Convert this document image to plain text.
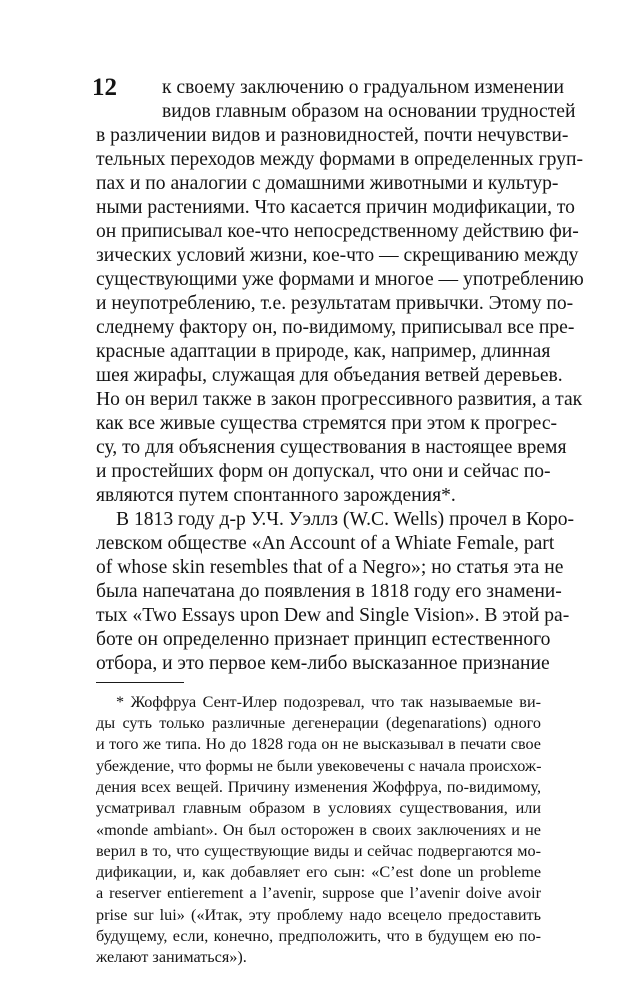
12 к своему заключению о градуальном изменении
видов главным образом на основании трудностей
в различении видов и разновидностей, почти нечувстви-
тельных переходов между формами в определенных груп-
пах и по аналогии с домашними животными и культур-
ными растениями. Что касается причин модификации, то
он приписывал кое-что непосредственному действию фи-
зических условий жизни, кое-что — скрещиванию между
существующими уже формами и многое — употреблению
и неупотреблению, т.е. результатам привычки. Этому по-
следнему фактору он, по-видимому, приписывал все пре-
красные адаптации в природе, как, например, длинная
шея жирафы, служащая для объедания ветвей деревьев.
Но он верил также в закон прогрессивного развития, а так
как все живые существа стремятся при этом к прогрес-
су, то для объяснения существования в настоящее время
и простейших форм он допускал, что они и сейчас по-
являются путем спонтанного зарождения*.
В 1813 году д-р У.Ч. Уэллз (W.C. Wells) прочел в Коро-
левском обществе «An Account of a Whiate Female, part
of whose skin resembles that of a Negro»; но статья эта не
была напечатана до появления в 1818 году его знамени-
тых «Two Essays upon Dew and Single Vision». В этой ра-
боте он определенно признает принцип естественного
отбора, и это первое кем-либо высказанное признание
* Жоффруа Сент-Илер подозревал, что так называемые ви-
ды суть только различные дегенерации (degenarations) одного
и того же типа. Но до 1828 года он не высказывал в печати свое
убеждение, что формы не были увековечены с начала происхож-
дения всех вещей. Причину изменения Жоффруа, по-видимому,
усматривал главным образом в условиях существования, или
«monde ambiant». Он был осторожен в своих заключениях и не
верил в то, что существующие виды и сейчас подвергаются мо-
дификации, и, как добавляет его сын: «C’est done un probleme
a reserver entierement a l’avenir, suppose que l’avenir doive avoir
prise sur lui» («Итак, эту проблему надо всецело предоставить
будущему, если, конечно, предположить, что в будущем ею по-
желают заниматься»).
